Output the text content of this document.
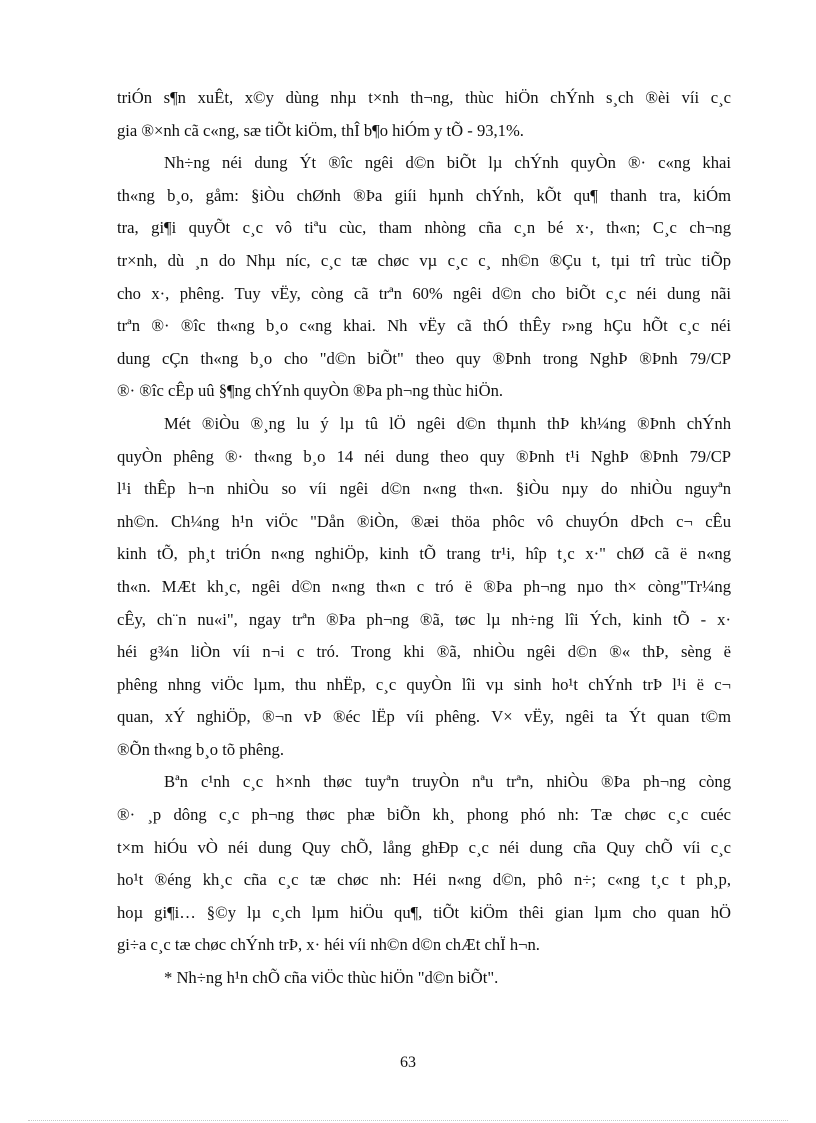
triÓn s¶n xuÊt, x©y dùng nhµ t×nh th¬ng, thùc hiÖn chÝnh s¸ch ®èi víi c¸c
gia ®×nh cã c«ng, sæ tiÕt kiÖm, thÎ b¶o hiÓm y tÕ - 93,1%.
Nh÷ng néi dung Ýt ®îc ngêi d©n biÕt lµ chÝnh quyÒn ®· c«ng khai
th«ng b¸o, gåm: §iÒu chØnh ®Þa giíi hµnh chÝnh, kÕt qu¶ thanh tra, kiÓm
tra, gi¶i quyÕt c¸c vô tiªu cùc, tham nhòng cña c¸n bé x·, th«n; C¸c ch¬ng
tr×nh, dù ¸n do Nhµ níc, c¸c tæ chøc vµ c¸c c¸ nh©n ®Çu t, tµi trî trùc tiÕp
cho x·, phêng. Tuy vËy, còng cã trªn 60% ngêi d©n cho biÕt c¸c néi dung nãi
trªn ®· ®îc th«ng b¸o c«ng khai. Nh vËy cã thÓ thÊy r»ng hÇu hÕt c¸c néi
dung cÇn th«ng b¸o cho "d©n biÕt" theo quy ®Þnh trong NghÞ ®Þnh 79/CP
®· ®îc cÊp uû §¶ng chÝnh quyÒn ®Þa ph¬ng thùc hiÖn.
Mét ®iÒu ®¸ng lu ý lµ tû lÖ ngêi d©n thµnh thÞ kh¼ng ®Þnh chÝnh
quyÒn phêng ®· th«ng b¸o 14 néi dung theo quy ®Þnh t¹i NghÞ ®Þnh 79/CP
l¹i thÊp h¬n nhiÒu so víi ngêi d©n n«ng th«n. §iÒu nµy do nhiÒu nguyªn
nh©n. Ch¼ng h¹n viÖc "Dån ®iÒn, ®æi thöa phôc vô chuyÓn dÞch c¬ cÊu
kinh tÕ, ph¸t triÓn n«ng nghiÖp, kinh tÕ trang tr¹i, hîp t¸c x·" chØ cã ë n«ng
th«n. MÆt kh¸c, ngêi d©n n«ng th«n c tró ë ®Þa ph¬ng nµo th× còng"Tr¼ng
cÊy, ch¨n nu«i", ngay trªn ®Þa ph¬ng ®ã, tøc lµ nh÷ng lîi Ých, kinh tÕ - x·
héi g¾n liÒn víi n¬i c tró. Trong khi ®ã, nhiÒu ngêi d©n ®« thÞ, sèng ë
phêng nhng viÖc lµm, thu nhËp, c¸c quyÒn lîi vµ sinh ho¹t chÝnh trÞ l¹i ë c¬
quan, xÝ nghiÖp, ®¬n vÞ ®éc lËp víi phêng. V× vËy, ngêi ta Ýt quan t©m
®Õn th«ng b¸o tõ phêng.
Bªn c¹nh c¸c h×nh thøc tuyªn truyÒn nªu trªn, nhiÒu ®Þa ph¬ng còng
®· ¸p dông c¸c ph¬ng thøc phæ biÕn kh¸ phong phó nh: Tæ chøc c¸c cuéc
t×m hiÓu vÒ néi dung Quy chÕ, lång ghÐp c¸c néi dung cña Quy chÕ víi c¸c
ho¹t ®éng kh¸c cña c¸c tæ chøc nh: Héi n«ng d©n, phô n÷; c«ng t¸c t ph¸p,
hoµ gi¶i… §©y lµ c¸ch lµm hiÖu qu¶, tiÕt kiÖm thêi gian lµm cho quan hÖ
gi÷a c¸c tæ chøc chÝnh trÞ, x· héi víi nh©n d©n chÆt chÏ h¬n.
* Nh÷ng h¹n chÕ cña viÖc thùc hiÖn "d©n biÕt".
63
